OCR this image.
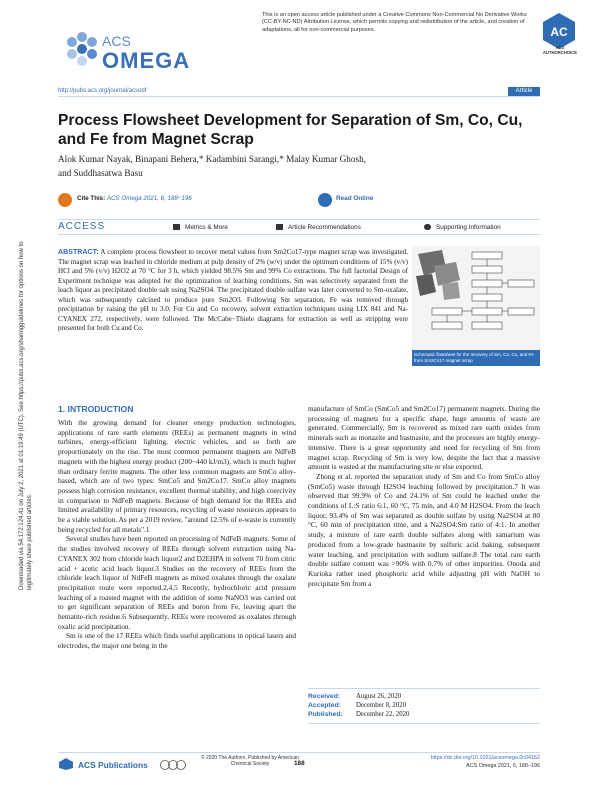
ACS
OMEGA
This is an open access article published under a Creative Commons Non-Commercial No Derivative Works (CC-BY-NC-ND) Attribution License, which permits copying and redistribution of the article, and creation of adaptations, all for non-commercial purposes.	AC
ACS AUTHORCHOICE
http://pubs.acs.org/journal/acsodf	Article
Process Flowsheet Development for Separation of Sm, Co, Cu, and Fe from Magnet Scrap
Alok Kumar Nayak, Binapani Behera,* Kadambini Sarangi,* Malay Kumar Ghosh,
and Suddhasatwa Basu
Cite This: ACS Omega 2021, 6, 188−196	Read Online
ACCESS	Metrics & More	Article Recommendations	Supporting Information
ABSTRACT: A complete process flowsheet to recover metal values from Sm2Co17-type magnet scrap was investigated. The magnet scrap was leached in chloride medium at pulp density of 2% (w/v) under the optimum conditions of 15% (v/v) HCl and 5% (v/v) H2O2 at 70 °C for 3 h, which yielded 98.5% Sm and 99% Co extractions. The full factorial Design of Experiment technique was adopted for the optimization of leaching conditions. Sm was selectively separated from the leach liquor as precipitated double salt using Na2SO4. The precipitated double sulfate was later converted to Sm-oxalate, which was subsequently calcined to produce pure Sm2O3. Following Sm separation, Fe was removed through precipitation by raising the pH to 3.0. For Cu and Co recovery, solvent extraction techniques using LIX 841 and Na-CYANEX 272, respectively, were followed. The McCabe−Thiele diagrams for extraction as well as stripping were presented for both Cu and Co.
Schematic flowsheet for the recovery of Sm, Co, Cu, and Fe from Sm2Co17 magnet scrap
Downloaded via 54.172.124.41 on July 2, 2021 at 01:19:49 (UTC). See https://pubs.acs.org/sharingguidelines for options on how to legitimately share published articles.
1. INTRODUCTION

With the growing demand for cleaner energy production technologies, applications of rare earth elements (REEs) as permanent magnets in wind turbines, energy-efficient lighting, electric vehicles, and so forth are proportionately on the rise. The most common permanent magnets are NdFeB magnets with the highest energy product (200−440 kJ/m3), which is much higher than ordinary ferrite magnets. The other less common magnets are SmCo alloy-based, which are of two types: SmCo5 and Sm2Co17. SmCo alloy magnets possess high corrosion resistance, excellent thermal stability, and high coercivity in comparison to NdFeB magnets. Because of high demand for the REEs and limited availability of primary resources, recycling of waste resources appears to be a viable solution. As per a 2019 review, "around 12.5% of e-waste is currently being recycled for all metals".1

Several studies have been reported on processing of NdFeB magnets. Some of the studies involved recovery of REEs through solvent extraction using Na-CYANEX 302 from chloride leach liquor2 and D2EHPA in solvent 70 from citric acid + acetic acid leach liquor.3 Studies on the recovery of REEs from the chloride leach liquor of NdFeB magnets as mixed oxalates through the oxalate precipitation route were reported.2,4,5 Recently, hydrochloric acid pressure leaching of a roasted magnet with the addition of some NaNO3 was carried out to get significant separation of REEs and boron from Fe, leaving apart the hematite-rich residue.6 Subsequently, REEs were recovered as oxalates through oxalic acid precipitation.

Sm is one of the 17 REEs which finds useful applications in optical lasers and electrodes, the major one being in the

manufacture of SmCo (SmCo5 and Sm2Co17) permanent magnets. During the processing of magnets for a specific shape, huge amounts of waste are generated. Commercially, Sm is recovered as mixed rare earth oxides from minerals such as monazite and bastnasite, and the processes are highly energy-intensive. There is a great opportunity and need for recycling of Sm from magnet scrap. Recycling of Sm is very low, despite the fact that a massive amount is wasted at the manufacturing site or else exported.

Zhong et al. reported the separation study of Sm and Co from SmCo alloy (SmCo5) waste through H2SO4 leaching followed by precipitation.7 It was observed that 99.9% of Co and 24.1% of Sm could be leached under the conditions of L:S ratio 6:1, 60 °C, 75 min, and 4.0 M H2SO4. From the leach liquor, 93.4% of Sm was separated as double sulfate by using Na2SO4 at 80 °C, 60 min of precipitation time, and a Na2SO4:Sm ratio of 4:1. In another study, a mixture of rare earth double sulfates along with samarium was produced from a low-grade bastnasite by sulfuric acid baking, subsequent water leaching, and precipitation with sodium sulfate.8 The total rare earth double sulfate content was >90% with 0.7% of other impurities. Onoda and Kurioka rather used phosphoric acid while adjusting pH with NaOH to precipitate Sm from a

Received: August 26, 2020
Accepted: December 8, 2020
Published: December 22, 2020
ACS Publications
© 2020 The Authors. Published by American Chemical Society	188
https://dx.doi.org/10.1021/acsomega.0c04152
ACS Omega 2021, 6, 188−196
